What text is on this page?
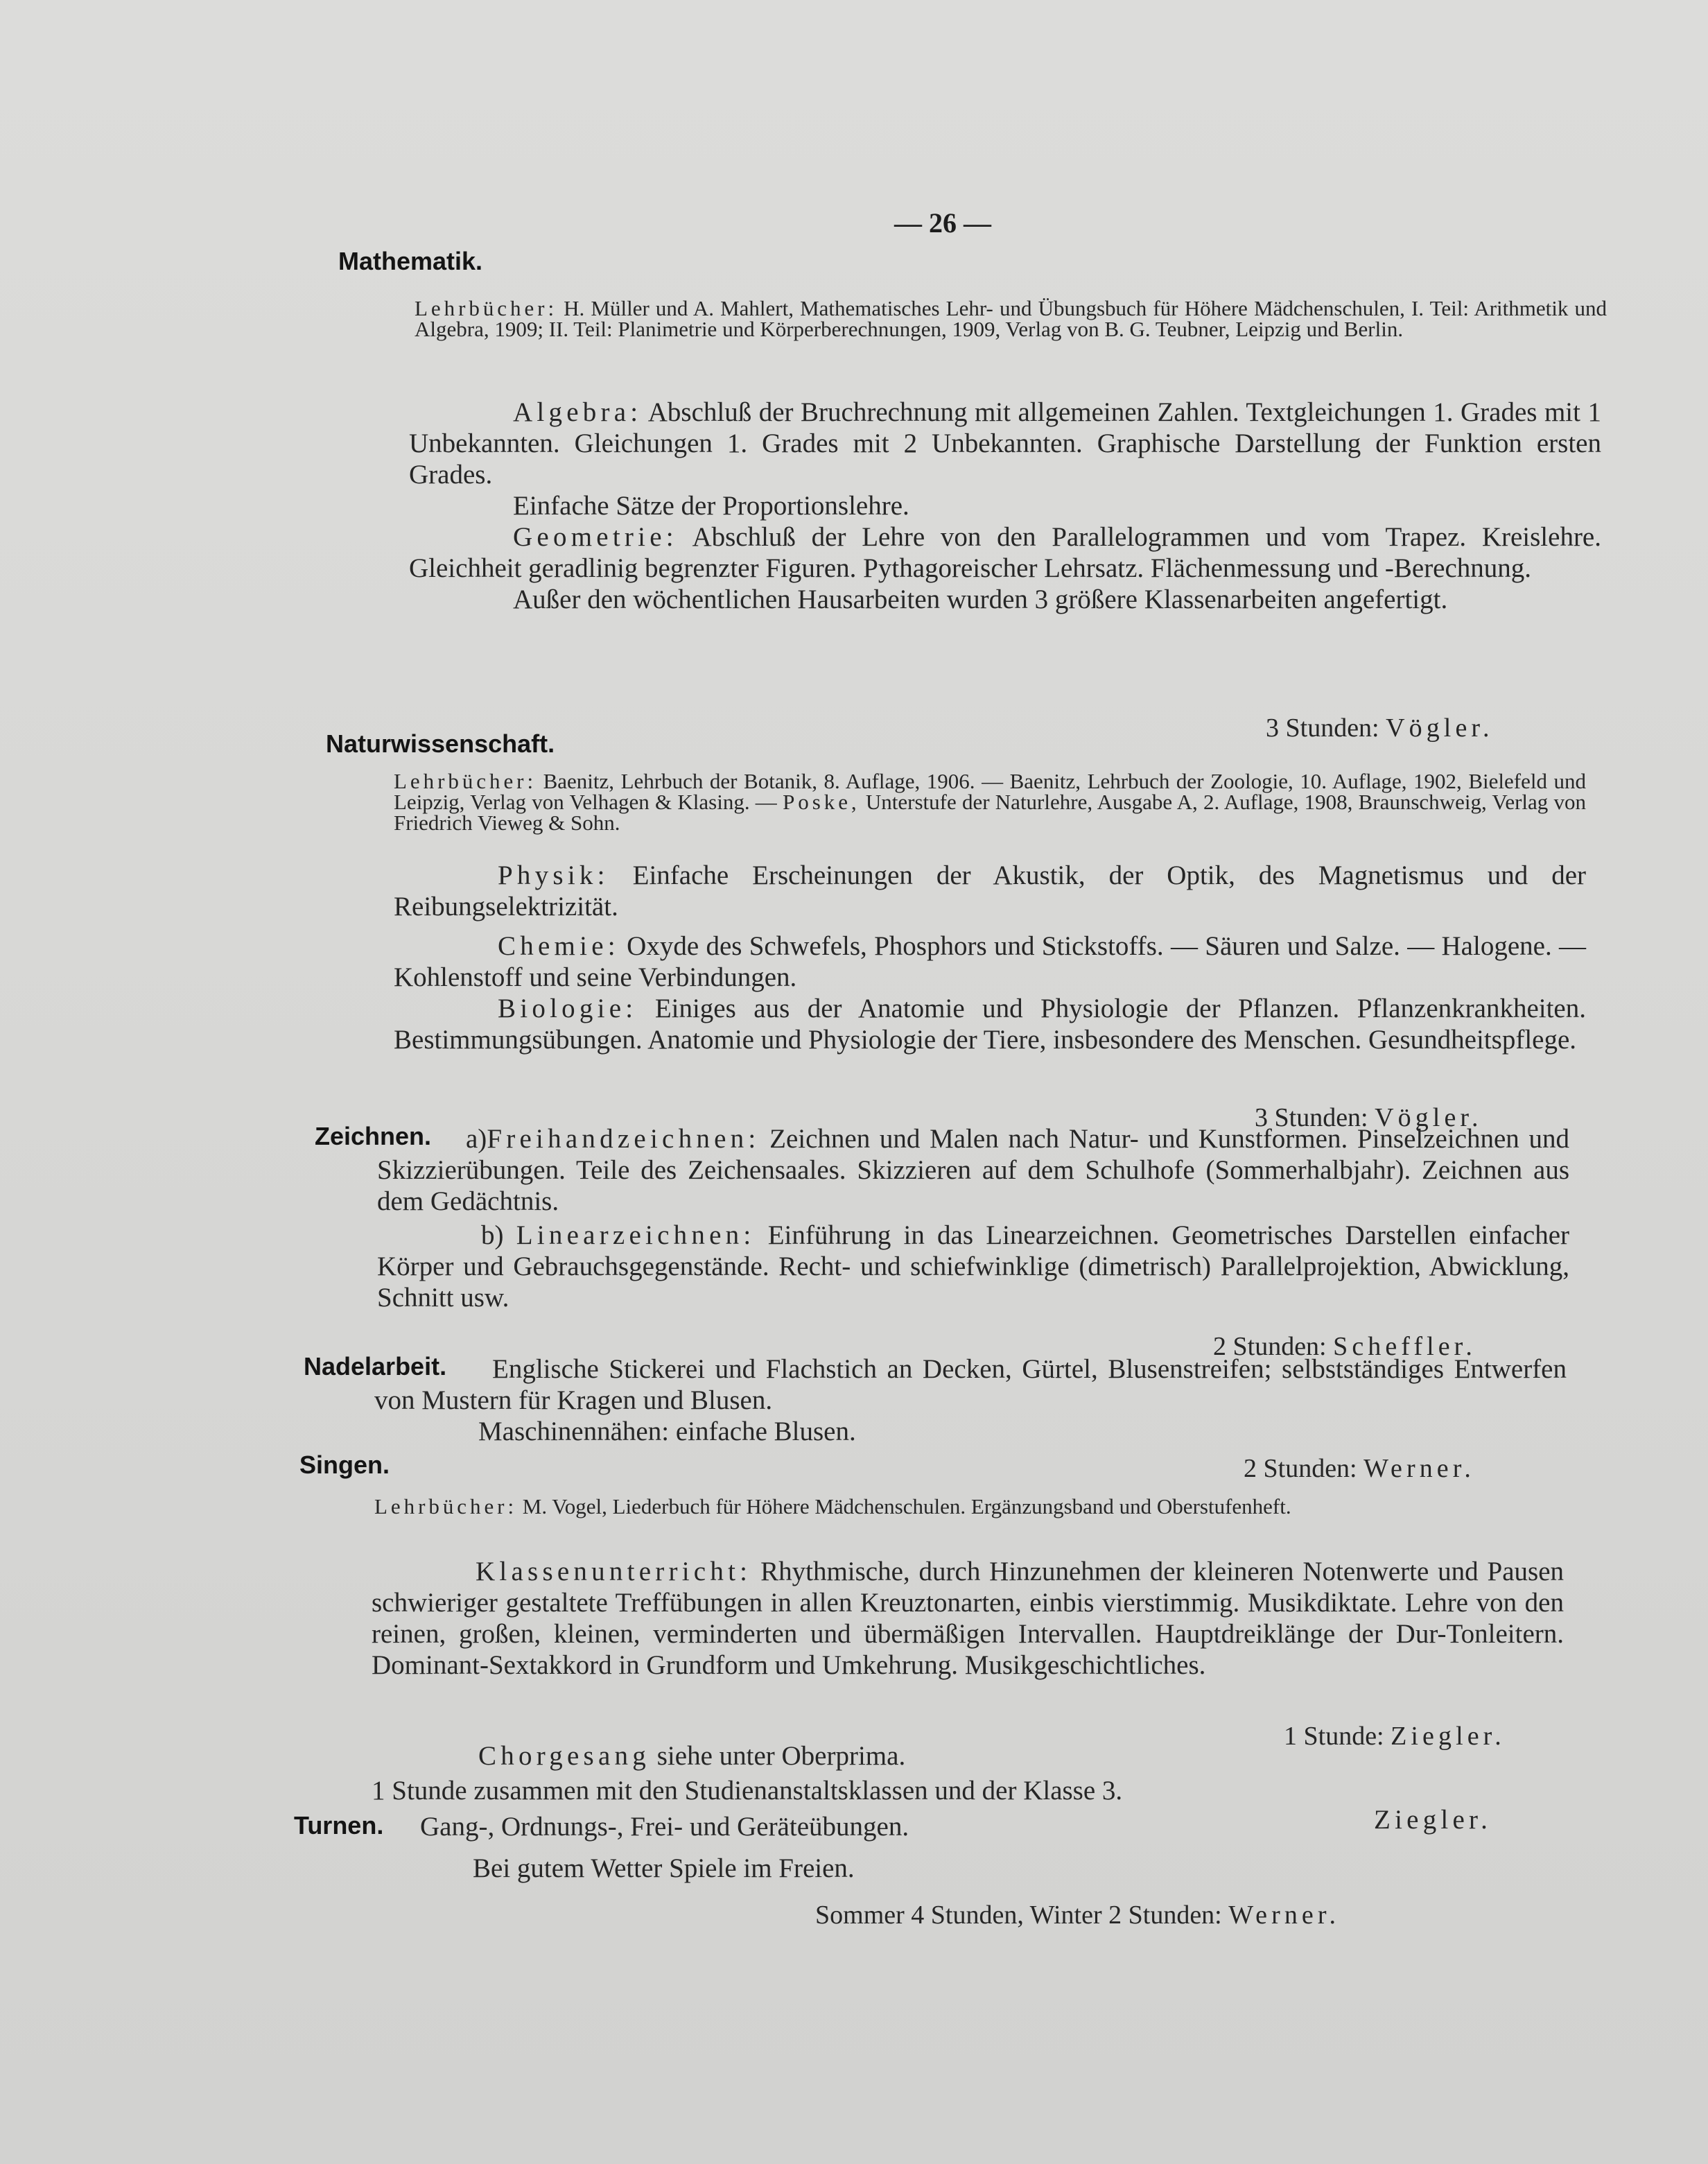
— 26 —
Mathematik.

Lehrbücher: H. Müller und A. Mahlert, Mathematisches Lehr- und Übungsbuch für Höhere Mädchenschulen, I. Teil: Arithmetik und Algebra, 1909; II. Teil: Planimetrie und Körperberechnungen, 1909, Verlag von B. G. Teubner, Leipzig und Berlin.

Algebra: Abschluß der Bruchrechnung mit allgemeinen Zahlen. Textgleichungen 1. Grades mit 1 Unbekannten. Gleichungen 1. Grades mit 2 Unbekannten. Graphische Darstellung der Funktion ersten Grades.

Einfache Sätze der Proportionslehre.

Geometrie: Abschluß der Lehre von den Parallelogrammen und vom Trapez. Kreislehre. Gleichheit geradlinig begrenzter Figuren. Pythagoreischer Lehrsatz. Flächenmessung und -Berechnung.

Außer den wöchentlichen Hausarbeiten wurden 3 größere Klassenarbeiten angefertigt.

3 Stunden: Vögler.
Naturwissenschaft.

Lehrbücher: Baenitz, Lehrbuch der Botanik, 8. Auflage, 1906. — Baenitz, Lehrbuch der Zoologie, 10. Auflage, 1902, Bielefeld und Leipzig, Verlag von Velhagen & Klasing. — Poske, Unterstufe der Naturlehre, Ausgabe A, 2. Auflage, 1908, Braunschweig, Verlag von Friedrich Vieweg & Sohn.

Physik: Einfache Erscheinungen der Akustik, der Optik, des Magnetismus und der Reibungselektrizität.

Chemie: Oxyde des Schwefels, Phosphors und Stickstoffs. — Säuren und Salze. — Halogene. — Kohlenstoff und seine Verbindungen.

Biologie: Einiges aus der Anatomie und Physiologie der Pflanzen. Pflanzenkrankheiten. Bestimmungsübungen. Anatomie und Physiologie der Tiere, insbesondere des Menschen. Gesundheitspflege.

3 Stunden: Vögler.
Zeichnen.	a)Freihandzeichnen: Zeichnen und Malen nach Natur- und Kunstformen. Pinselzeichnen und Skizzierübungen. Teile des Zeichensaales. Skizzieren auf dem Schulhofe (Sommerhalbjahr). Zeichnen aus dem Gedächtnis.

b) Linearzeichnen: Einführung in das Linearzeichnen. Geometrisches Darstellen einfacher Körper und Gebrauchsgegenstände. Recht- und schiefwinklige (dimetrisch) Parallelprojektion, Abwicklung, Schnitt usw.

2 Stunden: Scheffler.
Nadelarbeit.	Englische Stickerei und Flachstich an Decken, Gürtel, Blusenstreifen; selbstständiges Entwerfen von Mustern für Kragen und Blusen.

Maschinennähen: einfache Blusen.

2 Stunden: Werner.
Singen.

Lehrbücher: M. Vogel, Liederbuch für Höhere Mädchenschulen. Ergänzungsband und Oberstufenheft.

Klassenunterricht: Rhythmische, durch Hinzunehmen der kleineren Notenwerte und Pausen schwieriger gestaltete Treffübungen in allen Kreuztonarten, einbis vierstimmig. Musikdiktate. Lehre von den reinen, großen, kleinen, verminderten und übermäßigen Intervallen. Hauptdreiklänge der Dur-Tonleitern. Dominant-Sextakkord in Grundform und Umkehrung. Musikgeschichtliches.

1 Stunde: Ziegler.
Chorgesang siehe unter Oberprima.
1 Stunde zusammen mit den Studienanstaltsklassen und der Klasse 3.
Ziegler.
Turnen. Gang-, Ordnungs-, Frei- und Geräteübungen.
Bei gutem Wetter Spiele im Freien.
Sommer 4 Stunden, Winter 2 Stunden: Werner.
